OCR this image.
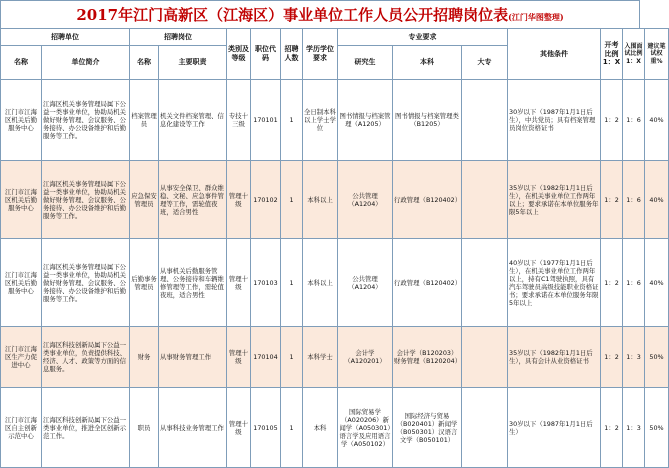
2017年江门高新区（江海区）事业单位工作人员公开招聘岗位表(江门华图整理)
招聘单位		招聘岗位		类别及等级	职位代码	招聘人数	学历学位要求	专业要求			其他条件	开考比例 1：X	入围面试比例1：X	建议笔试权重%
名称	单位简介	名称	主要职责					研究生	本科	大专				
江门市江海区机关后勤服务中心	江海区机关事务管理局属下公益一类事业单位，协助局机关做好财务管理、会议服务、公务接待、办公设备维护和后勤服务等工作。	档案管理员	机关文件档案管理、信息化建设等工作	专技十三级	170101	1	全日制本科以上学士学位	图书情报与档案管理（A1205）	图书情报与档案管理类（B1205）		30岁以下（1987年1月1日后生），中共党员；具有档案管理员岗位资格证书	1：2	1：6	40%
江门市江海区机关后勤服务中心	江海区机关事务管理局属下公益一类事业单位，协助局机关做好财务管理、会议服务、公务接待、办公设备维护和后勤服务等工作。	应急保安管理员	从事安全保卫、群众维稳、文秘、应急事件管理等工作，需轮值夜班，适合男性	管理十级	170102	1	本科以上	公共管理（A1204）	行政管理（B120402）		35岁以下（1982年1月1日后生），在机关事业单位工作两年以上；要求承诺在本单位服务年限5年以上	1：2	1：6	40%
江门市江海区机关后勤服务中心	江海区机关事务管理局属下公益一类事业单位，协助局机关做好财务管理、会议服务、公务接待、办公设备维护和后勤服务等工作。	后勤事务管理员	从事机关后勤服务管理、公务接待和车辆维修管理等工作，需轮值夜班，适合男性	管理十级	170103	1	本科以上	公共管理（A1204）	行政管理（B120402）		40岁以下（1977年1月1日后生），在机关事业单位工作两年以上，持有C1驾驶执照，具有汽车驾驶员高级技能职业资格证书；要求承诺在本单位服务年限5年以上	1：2	1：6	40%
江门市江海区生产力促进中心	江海区科技创新局属下公益一类事业单位，负责提供科技、经济、人才、政策等方面的信息服务。	财务	从事财务管理工作	管理十级	170104	1	本科学士	会计学（A120201）	会计学（B120203）财务管理（B120204）		35岁以下（1982年1月1日后生），具有会计从业资格证书	1：2	1：3	50%
江门市江海区自主创新示范中心	江海区科技创新局属下公益一类事业单位，推进全区创新示范工作。	职员	从事科技业务管理工作	管理十级	170105	1	本科	国际贸易学（A020206）新闻学（A050301）语言学及应用语言学（A050102）	国际经济与贸易（B020401）新闻学（B050301）汉语言文学（B050101）		30岁以下（1987年1月1日后生）	1：2	1：3	50%
